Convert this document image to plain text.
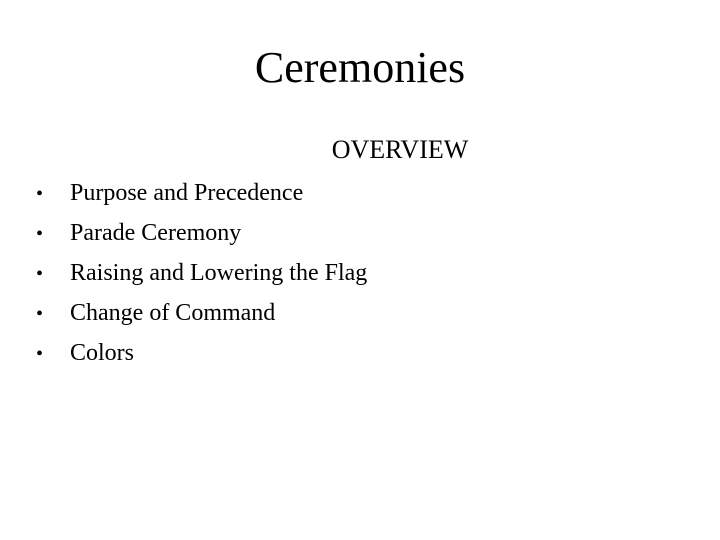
Ceremonies
OVERVIEW
•	Purpose and Precedence
•	Parade Ceremony
•	Raising and Lowering the Flag
•	Change of Command
•	Colors
